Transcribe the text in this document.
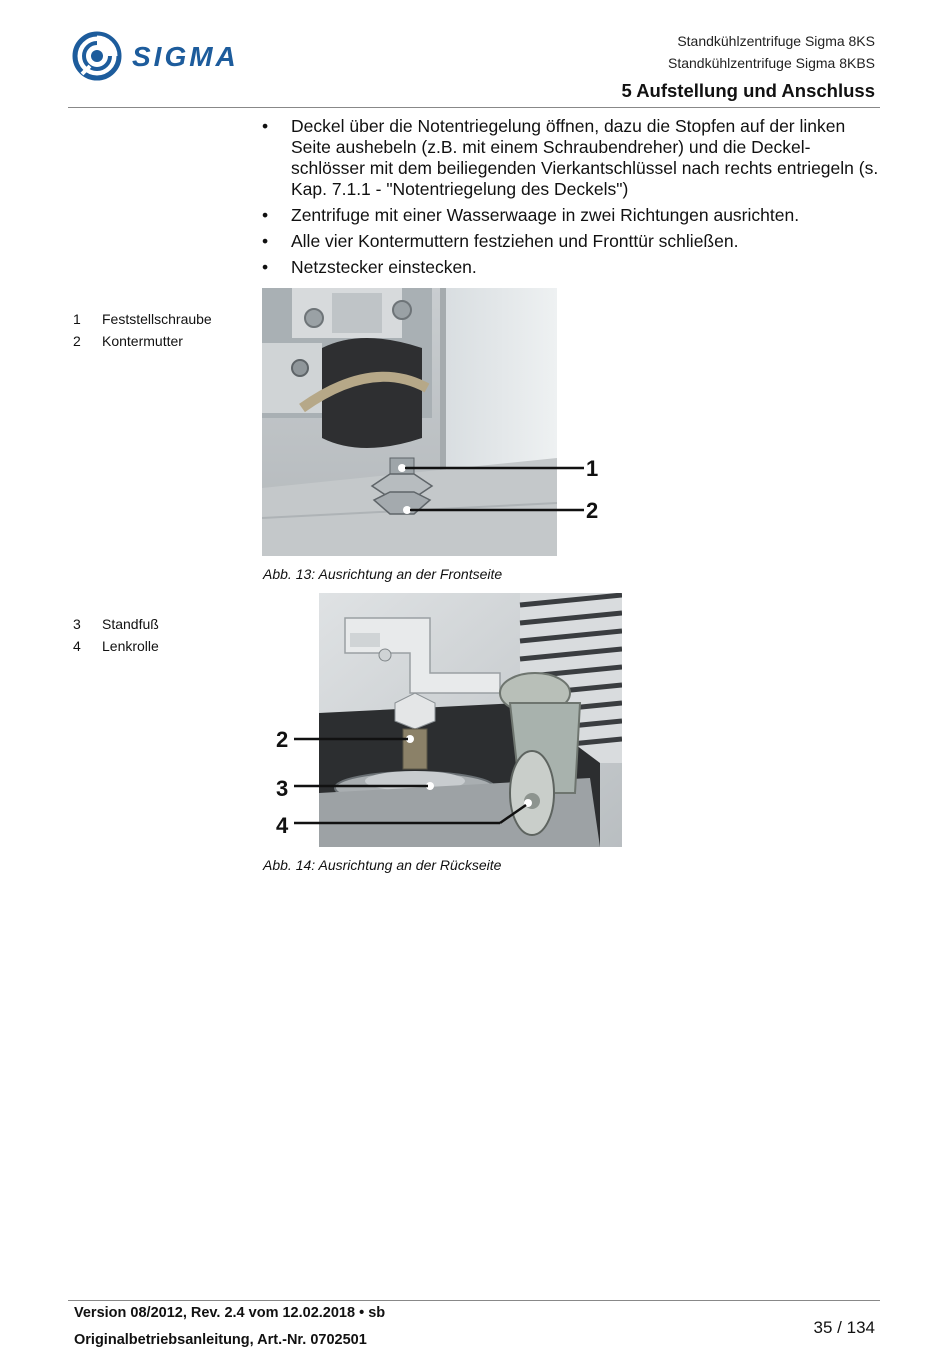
SIGMA	Standkühlzentrifuge Sigma 8KS
Standkühlzentrifuge Sigma 8KBS
5 Aufstellung und Anschluss
• Deckel über die Notentriegelung öffnen, dazu die Stopfen auf der linken Seite aushebeln (z.B. mit einem Schraubendreher) und die Deckel-schlösser mit dem beiliegenden Vierkantschlüssel nach rechts entriegeln (s. Kap. 7.1.1 - "Notentriegelung des Deckels")
• Zentrifuge mit einer Wasserwaage in zwei Richtungen ausrichten.
• Alle vier Kontermuttern festziehen und Fronttür schließen.
• Netzstecker einstecken.
1	Feststellschraube
2	Kontermutter
1
2
Abb. 13: Ausrichtung an der Frontseite
3	Standfuß
4	Lenkrolle
2
3
4
Abb. 14: Ausrichtung an der Rückseite
Version 08/2012, Rev. 2.4 vom 12.02.2018 • sb
Originalbetriebsanleitung, Art.-Nr. 0702501
35 / 134
